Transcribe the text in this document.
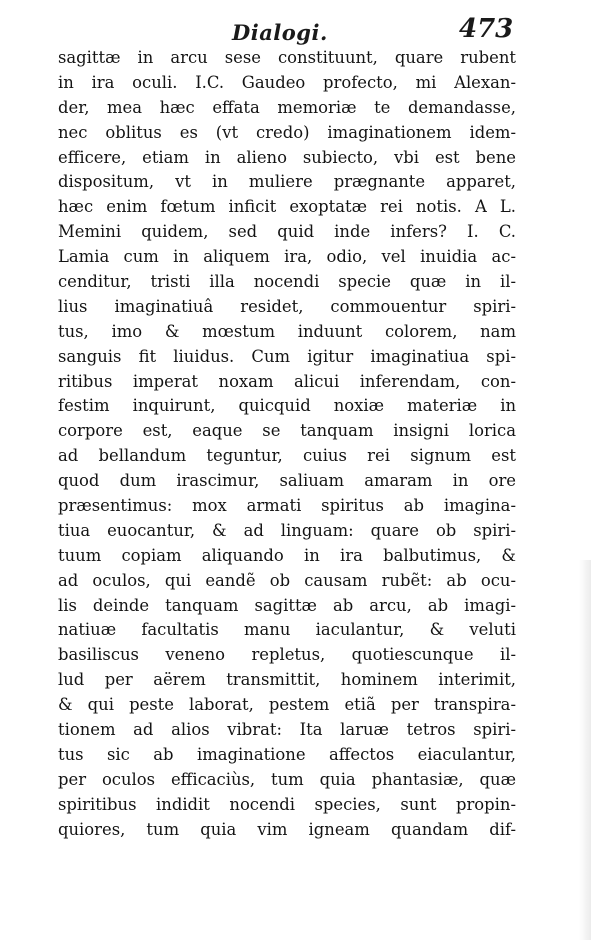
Dialogi.	473
sagittæ in arcu sese constituunt, quare rubent
in ira oculi. I.C. Gaudeo profecto, mi Alexan-
der, mea hæc effata memoriæ te demandasse,
nec oblitus es (vt credo) imaginationem idem-
efficere, etiam in alieno subiecto, vbi est bene
dispositum, vt in muliere prægnante apparet,
hæc enim fœtum inficit exoptatæ rei notis. A L.
Memini quidem, sed quid inde infers? I. C.
Lamia cum in aliquem ira, odio, vel inuidia ac-
cenditur, tristi illa nocendi specie quæ in il-
lius imaginatiuâ residet, commouentur spiri-
tus, imo & mœstum induunt colorem, nam
sanguis fit liuidus. Cum igitur imaginatiua spi-
ritibus imperat noxam alicui inferendam, con-
festim inquirunt, quicquid noxiæ materiæ in
corpore est, eaque se tanquam insigni lorica
ad bellandum teguntur, cuius rei signum est
quod dum irascimur, saliuam amaram in ore
præsentimus: mox armati spiritus ab imagina-
tiua euocantur, & ad linguam: quare ob spiri-
tuum copiam aliquando in ira balbutimus, &
ad oculos, qui eandẽ ob causam rubẽt: ab ocu-
lis deinde tanquam sagittæ ab arcu, ab imagi-
natiuæ facultatis manu iaculantur, & veluti
basiliscus veneno repletus, quotiescunque il-
lud per aërem transmittit, hominem interimit,
& qui peste laborat, pestem etiã per transpira-
tionem ad alios vibrat: Ita laruæ tetros spiri-
tus sic ab imaginatione affectos eiaculantur,
per oculos efficaciùs, tum quia phantasiæ, quæ
spiritibus indidit nocendi species, sunt propin-
quiores, tum quia vim igneam quandam dif-
